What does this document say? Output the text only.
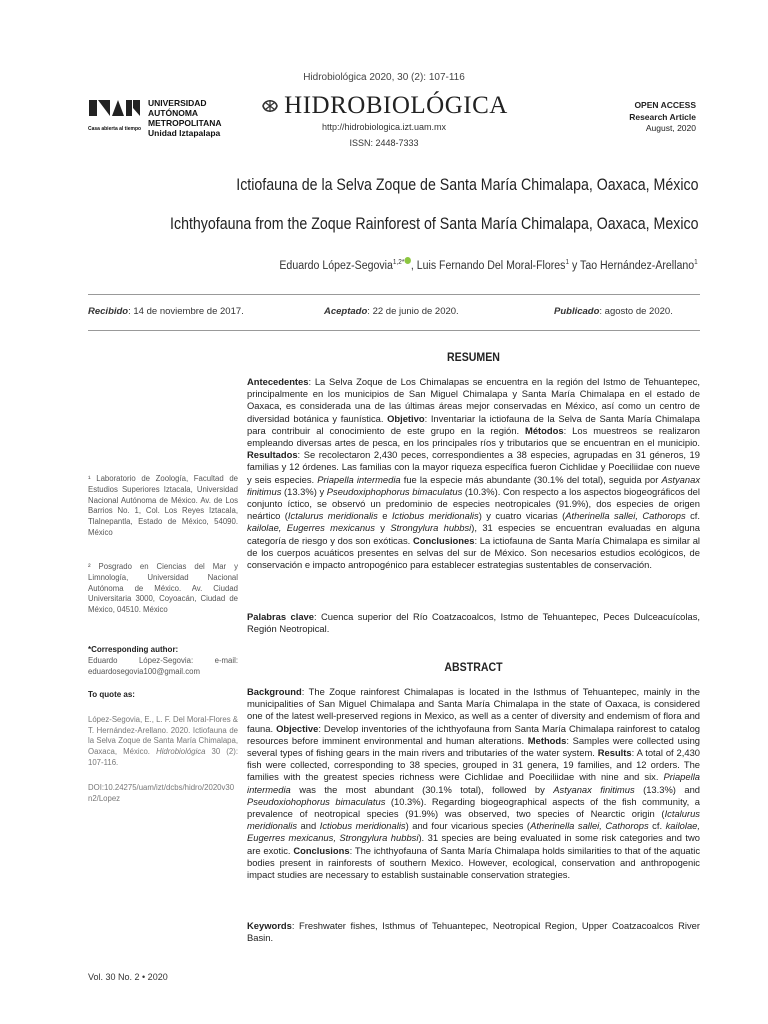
Hidrobiológica 2020, 30 (2): 107-116
UNIVERSIDAD
AUTÓNOMA
METROPOLITANA
Unidad Iztapalapa
Casa abierta al tiempo
HIDROBIOLÓGICA
http://hidrobiologica.izt.uam.mx
ISSN: 2448-7333
OPEN ACCESS
Research Article
August, 2020
Ictiofauna de la Selva Zoque de Santa María Chimalapa, Oaxaca, México
Ichthyofauna from the Zoque Rainforest of Santa María Chimalapa, Oaxaca, Mexico
Eduardo López-Segovia$^{1,2*}$ , Luis Fernando Del Moral-Flores$^1$ y Tao Hernández-Arellano$^1$
Recibido: 14 de noviembre de 2017.	Aceptado: 22 de junio de 2020.	Publicado: agosto de 2020.
RESUMEN
Antecedentes: La Selva Zoque de Los Chimalapas se encuentra en la región del Istmo de Tehuantepec, principalmente en los municipios de San Miguel Chimalapa y Santa María Chimalapa en el estado de Oaxaca, es considerada una de las últimas áreas mejor conservadas en México, así como un centro de diversidad botánica y faunística. Objetivo: Inventariar la ictiofauna de la Selva de Santa María Chimalapa para contribuir al conocimiento de este grupo en la región. Métodos: Los muestreos se realizaron empleando diversas artes de pesca, en los principales ríos y tributarios que se encuentran en el municipio. Resultados: Se recolectaron 2,430 peces, correspondientes a 38 especies, agrupadas en 31 géneros, 19 familias y 12 órdenes. Las familias con la mayor riqueza específica fueron Cichlidae y Poeciliidae con nueve y seis especies. Priapella intermedia fue la especie más abundante (30.1% del total), seguida por Astyanax finitimus (13.3%) y Pseudoxiphophorus bimaculatus (10.3%). Con respecto a los aspectos biogeográficos del conjunto íctico, se observó un predominio de especies neotropicales (91.9%), dos especies de origen neártico (Ictalurus meridionalis e Ictiobus meridionalis) y cuatro vicarias (Atherinella sallei, Cathorops cf. kailolae, Eugerres mexicanus y Strongylura hubbsi), 31 especies se encuentran evaluadas en alguna categoría de riesgo y dos son exóticas. Conclusiones: La ictiofauna de Santa María Chimalapa es similar al de los cuerpos acuáticos presentes en selvas del sur de México. Son necesarios estudios ecológicos, de conservación e impacto antropogénico para establecer estrategias sustentables de conservación.
Palabras clave: Cuenca superior del Río Coatzacoalcos, Istmo de Tehuantepec, Peces Dulceacuícolas, Región Neotropical.
ABSTRACT
Background: The Zoque rainforest Chimalapas is located in the Isthmus of Tehuantepec, mainly in the municipalities of San Miguel Chimalapa and Santa María Chimalapa in the state of Oaxaca, is considered one of the latest well-preserved regions in Mexico, as well as a center of diversity and endemism of flora and fauna. Objective: Develop inventories of the ichthyofauna from Santa María Chimalapa rainforest to catalog resources before imminent environmental and human alterations. Methods: Samples were collected using several types of fishing gears in the main rivers and tributaries of the water system. Results: A total of 2,430 fish were collected, corresponding to 38 species, grouped in 31 genera, 19 families, and 12 orders. The families with the greatest species richness were Cichlidae and Poeciliidae with nine and six. Priapella intermedia was the most abundant (30.1% total), followed by Astyanax finitimus (13.3%) and Pseudoxiohophorus bimaculatus (10.3%). Regarding biogeographical aspects of the fish community, a prevalence of neotropical species (91.9%) was observed, two species of Nearctic origin (Ictalurus meridionalis and Ictiobus meridionalis) and four vicarious species (Atherinella sallei, Cathorops cf. kailolae, Eugerres mexicanus, Strongylura hubbsi). 31 species are being evaluated in some risk categories and two are exotic. Conclusions: The ichthyofauna of Santa María Chimalapa holds similarities to that of the aquatic bodies present in rainforests of southern Mexico. However, ecological, conservation and anthropogenic impact studies are necessary to establish sustainable conservation strategies.
Keywords: Freshwater fishes, Isthmus of Tehuantepec, Neotropical Region, Upper Coatzacoalcos River Basin.

¹ Laboratorio de Zoología, Facultad de Estudios Superiores Iztacala, Universidad Nacional Autónoma de México. Av. de Los Barrios No. 1, Col. Los Reyes Iztacala, Tlalnepantla, Estado de México, 54090. México

² Posgrado en Ciencias del Mar y Limnología, Universidad Nacional Autónoma de México. Av. Ciudad Universitaria 3000, Coyoacán, Ciudad de México, 04510. México

*Corresponding author:

Eduardo López-Segovia: e-mail: eduardosegovia100@gmail.com

To quote as:

López-Segovia, E., L. F. Del Moral-Flores & T. Hernández-Arellano. 2020. Ictiofauna de la Selva Zoque de Santa María Chimalapa, Oaxaca, México. Hidrobiológica 30 (2): 107-116.

DOI:10.24275/uam/izt/dcbs/hidro/2020v30n2/Lopez

Vol. 30 No. 2 • 2020
